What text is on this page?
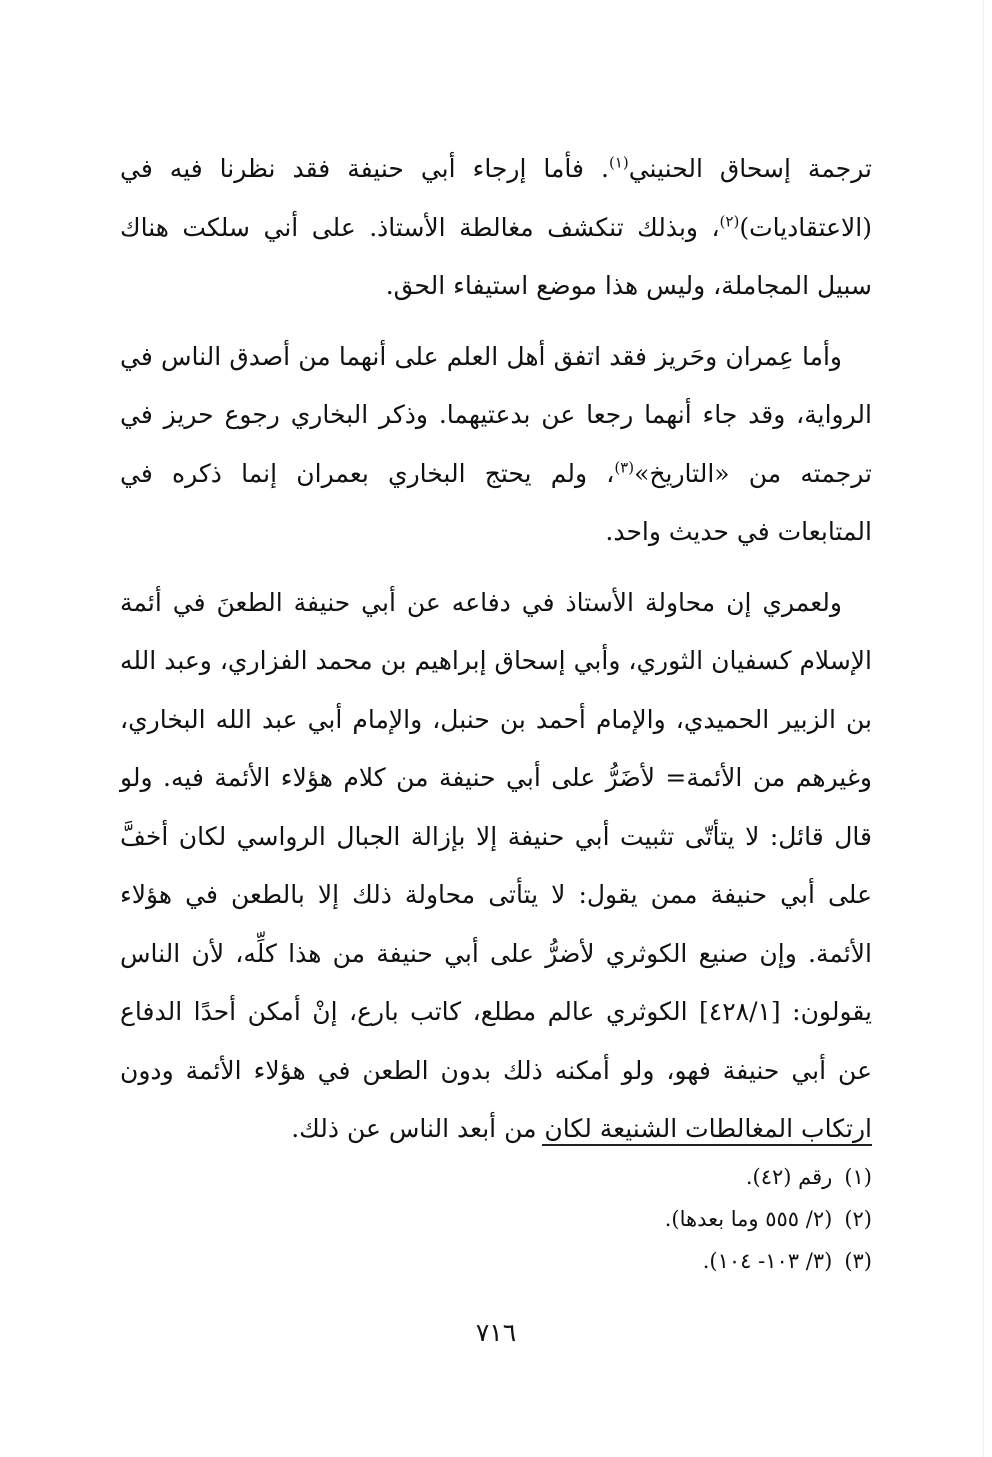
ترجمة إسحاق الحنيني$^{(١)}$. فأما إرجاء أبي حنيفة فقد نظرنا فيه في (الاعتقاديات)$^{(٢)}$، وبذلك تنكشف مغالطة الأستاذ. على أني سلكت هناك سبيل المجاملة، وليس هذا موضع استيفاء الحق.

وأما عِمران وحَريز فقد اتفق أهل العلم على أنهما من أصدق الناس في الرواية، وقد جاء أنهما رجعا عن بدعتيهما. وذكر البخاري رجوع حريز في ترجمته من «التاريخ»$^{(٣)}$، ولم يحتج البخاري بعمران إنما ذكره في المتابعات في حديث واحد.

ولعمري إن محاولة الأستاذ في دفاعه عن أبي حنيفة الطعنَ في أئمة الإسلام كسفيان الثوري، وأبي إسحاق إبراهيم بن محمد الفزاري، وعبد الله بن الزبير الحميدي، والإمام أحمد بن حنبل، والإمام أبي عبد الله البخاري، وغيرهم من الأئمة= لأضَرُّ على أبي حنيفة من كلام هؤلاء الأئمة فيه. ولو قال قائل: لا يتأتّى تثبيت أبي حنيفة إلا بإزالة الجبال الرواسي لكان أخفَّ على أبي حنيفة ممن يقول: لا يتأتى محاولة ذلك إلا بالطعن في هؤلاء الأئمة. وإن صنيع الكوثري لأضرُّ على أبي حنيفة من هذا كلِّه، لأن الناس يقولون: [٤٢٨/١] الكوثري عالم مطلع، كاتب بارع، إنْ أمكن أحدًا الدفاع عن أبي حنيفة فهو، ولو أمكنه ذلك بدون الطعن في هؤلاء الأئمة ودون ارتكاب المغالطات الشنيعة لكان من أبعد الناس عن ذلك.

(١)رقم (٤٢).
(٢)(٢/ ٥٥٥ وما بعدها).
(٣)(٣/ ١٠٣- ١٠٤).
٧١٦
